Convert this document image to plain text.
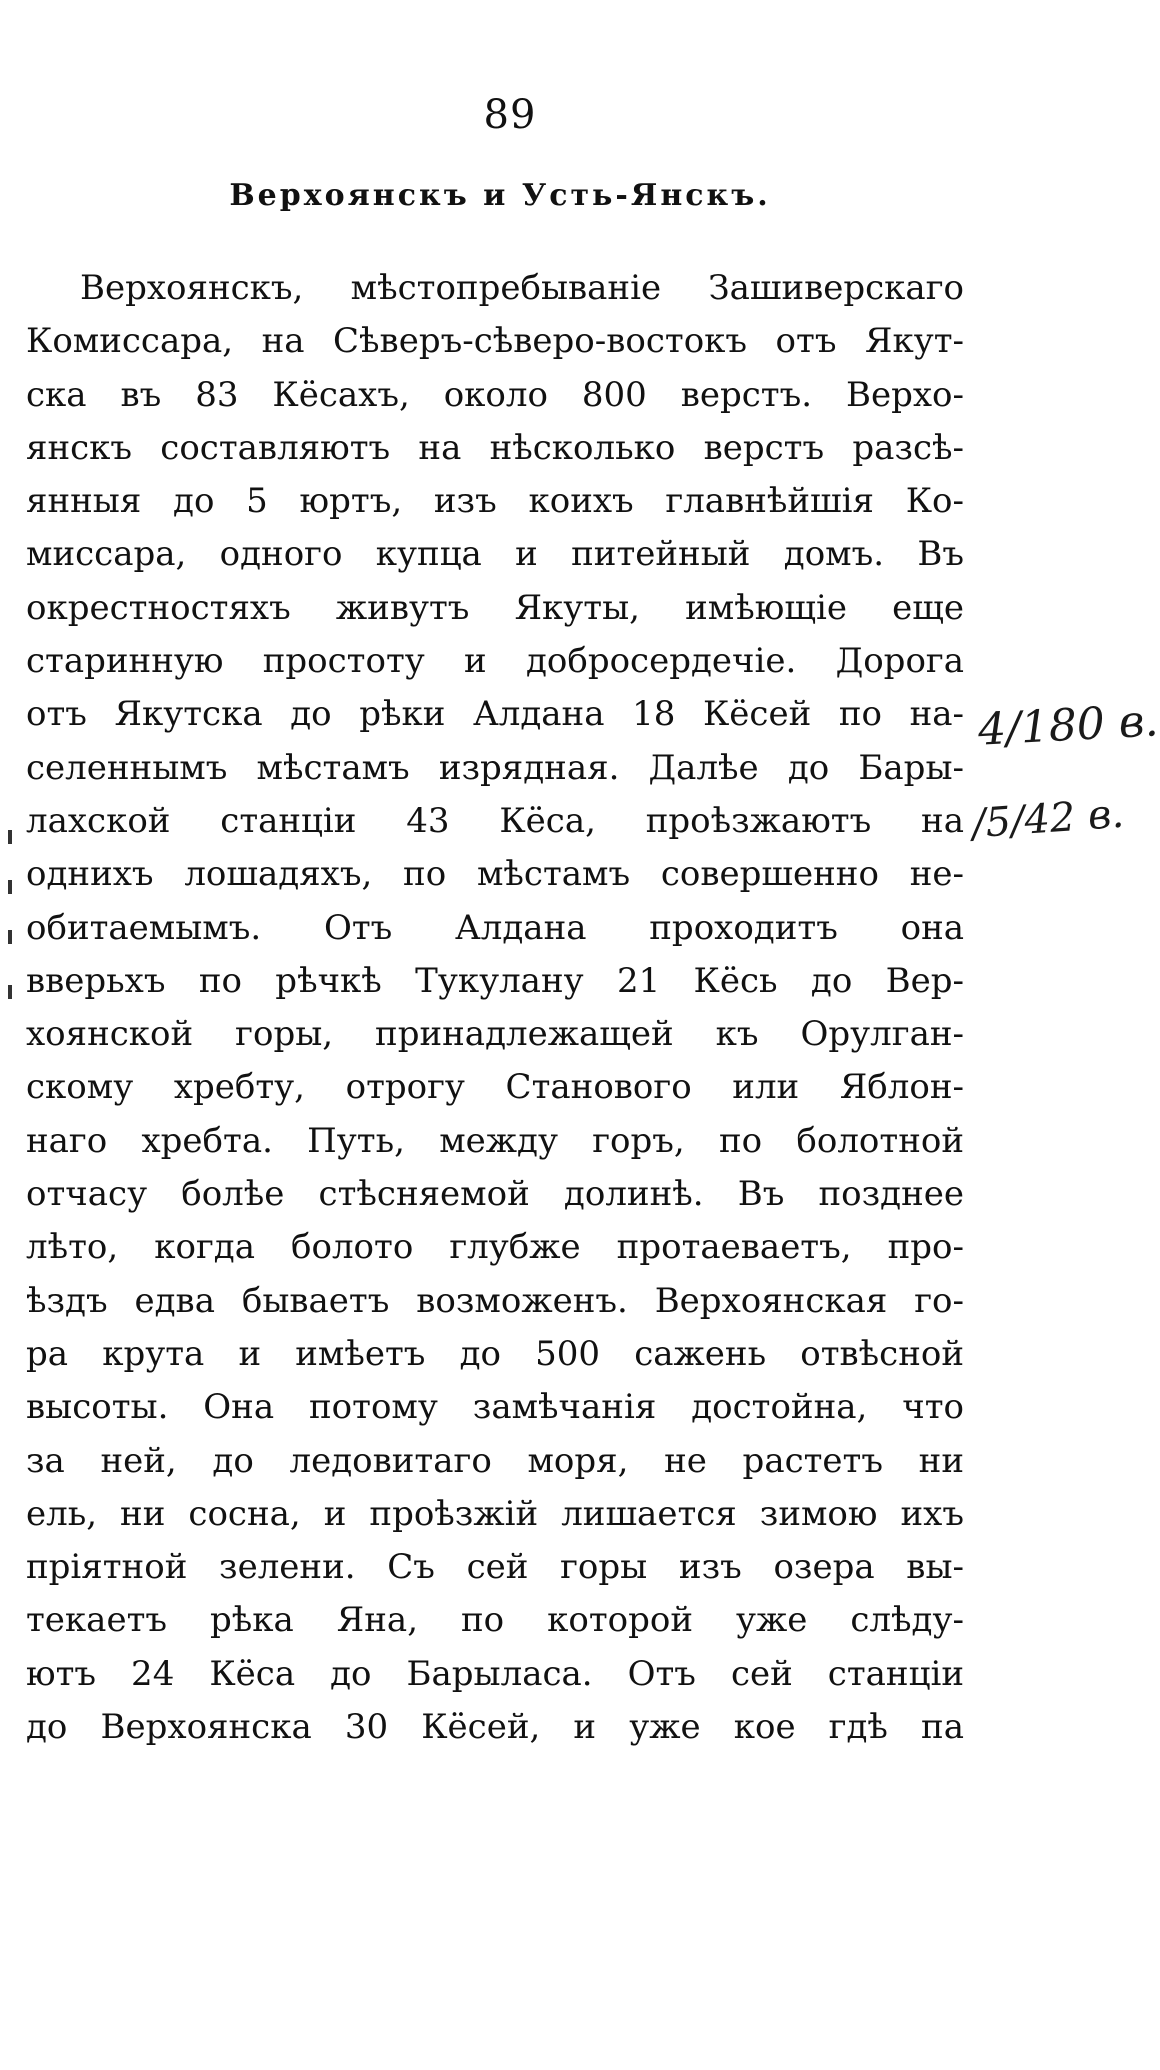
89
Верхоянскъ и Усть-Янскъ.
Верхоянскъ, мѣстопребываніе Зашиверскаго
Комиссара, на Сѣверъ-сѣверо-востокъ отъ Якут-
ска въ 83 Кёсахъ, около 800 верстъ. Верхо-
янскъ составляютъ на нѣсколько верстъ разсѣ-
янныя до 5 юртъ, изъ коихъ главнѣйшія Ко-
миссара, одного купца и питейный домъ. Въ
окрестностяхъ живутъ Якуты, имѣющіе еще
старинную простоту и добросердечіе. Дорога
отъ Якутска до рѣки Алдана 18 Кёсей по на-
селеннымъ мѣстамъ изрядная. Далѣе до Бары-
лахской станціи 43 Кёса, проѣзжаютъ на
однихъ лошадяхъ, по мѣстамъ совершенно не-
обитаемымъ. Отъ Алдана проходитъ она
вверьхъ по рѣчкѣ Тукулану 21 Кёсь до Вер-
хоянской горы, принадлежащей къ Орулган-
скому хребту, отрогу Станового или Яблон-
наго хребта. Путь, между горъ, по болотной
отчасу болѣе стѣсняемой долинѣ. Въ позднее
лѣто, когда болото глубже протаеваетъ, про-
ѣздъ едва бываетъ возможенъ. Верхоянская го-
ра крута и имѣетъ до 500 сажень отвѣсной
высоты. Она потому замѣчанія достойна, что
за ней, до ледовитаго моря, не растетъ ни
ель, ни сосна, и проѣзжій лишается зимою ихъ
пріятной зелени. Съ сей горы изъ озера вы-
текаетъ рѣка Яна, по которой уже слѣду-
ютъ 24 Кёса до Барыласа. Отъ сей станціи
до Верхоянска 30 Кёсей, и уже кое гдѣ па
4/180 в.
/5/42 в.
